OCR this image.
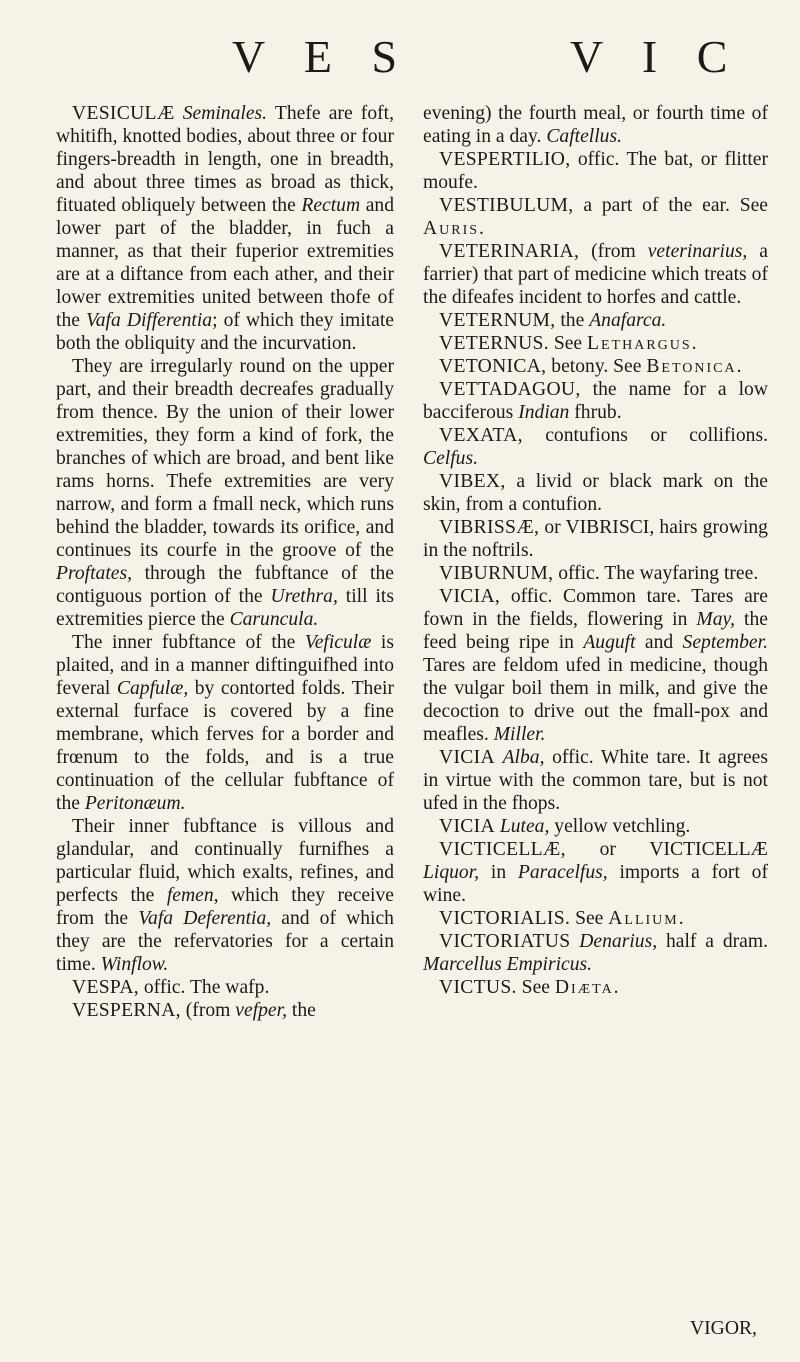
V E S	V I C

VESICULÆ Seminales. Thefe are foft, whitifh, knotted bodies, about three or four fingers-breadth in length, one in breadth, and about three times as broad as thick, fituated obliquely between the Rectum and lower part of the bladder, in fuch a manner, as that their fuperior extremities are at a diftance from each ather, and their lower extremities united between thofe of the Vafa Differentia; of which they imitate both the obliquity and the incurvation.

They are irregularly round on the upper part, and their breadth decreafes gradually from thence. By the union of their lower extremities, they form a kind of fork, the branches of which are broad, and bent like rams horns. Thefe extremities are very narrow, and form a fmall neck, which runs behind the bladder, towards its orifice, and continues its courfe in the groove of the Proftates, through the fubftance of the contiguous portion of the Urethra, till its extremities pierce the Caruncula.

The inner fubftance of the Veficulæ is plaited, and in a manner diftinguifhed into feveral Capfulæ, by contorted folds. Their external furface is covered by a fine membrane, which ferves for a border and frœnum to the folds, and is a true continuation of the cellular fubftance of the Peritonæum.

Their inner fubftance is villous and glandular, and continually furnifhes a particular fluid, which exalts, refines, and perfects the femen, which they receive from the Vafa Deferentia, and of which they are the refervatories for a certain time. Winflow.

VESPA, offic. The wafp.

VESPERNA, (from vefper, the

evening) the fourth meal, or fourth time of eating in a day. Caftellus.

VESPERTILIO, offic. The bat, or flitter moufe.

VESTIBULUM, a part of the ear. See Auris.

VETERINARIA, (from veterinarius, a farrier) that part of medicine which treats of the difeafes incident to horfes and cattle.

VETERNUM, the Anafarca.

VETERNUS. See Lethargus.

VETONICA, betony. See Betonica.

VETTADAGOU, the name for a low bacciferous Indian fhrub.

VEXATA, contufions or collifions. Celfus.

VIBEX, a livid or black mark on the skin, from a contufion.

VIBRISSÆ, or VIBRISCI, hairs growing in the noftrils.

VIBURNUM, offic. The wayfaring tree.

VICIA, offic. Common tare. Tares are fown in the fields, flowering in May, the feed being ripe in Auguft and September. Tares are feldom ufed in medicine, though the vulgar boil them in milk, and give the decoction to drive out the fmall-pox and meafles. Miller.

VICIA Alba, offic. White tare. It agrees in virtue with the common tare, but is not ufed in the fhops.

VICIA Lutea, yellow vetchling.

VICTICELLÆ, or VICTICELLÆ Liquor, in Paracelfus, imports a fort of wine.

VICTORIALIS. See Allium.

VICTORIATUS Denarius, half a dram. Marcellus Empiricus.

VICTUS. See Diæta.

VIGOR,
